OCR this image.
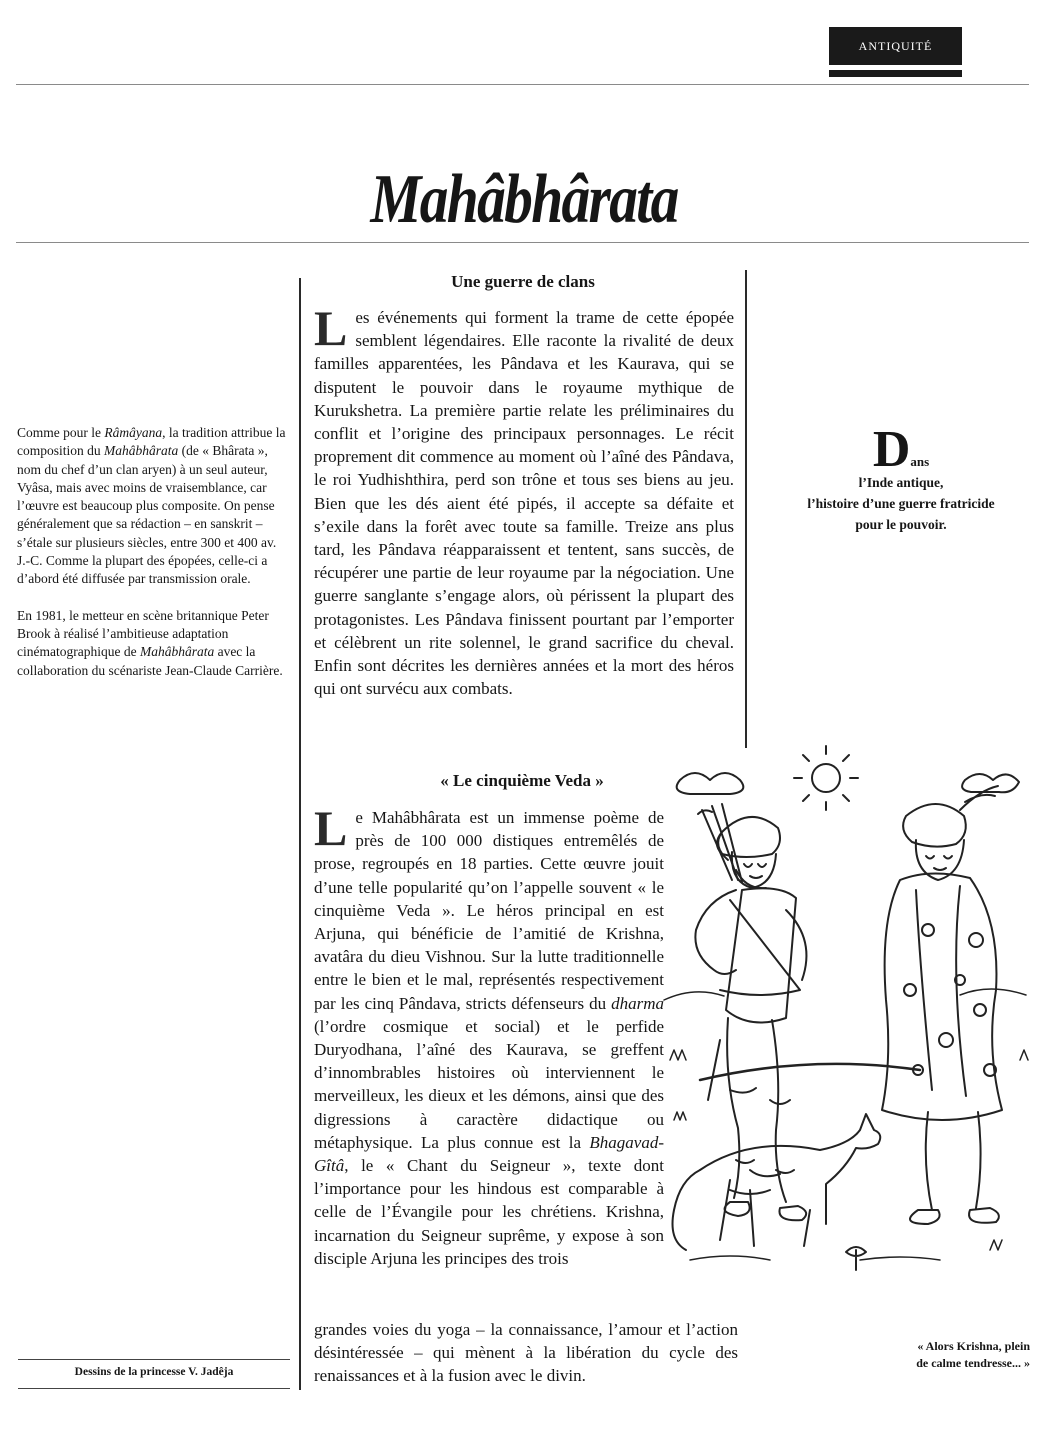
ANTIQUITÉ
Mahâbhârata

Comme pour le Râmâyana, la tradition attribue la composition du Mahâbhârata (de « Bhârata », nom du chef d’un clan aryen) à un seul auteur, Vyâsa, mais avec moins de vraisemblance, car l’œuvre est beaucoup plus composite. On pense généralement que sa rédaction – en sanskrit – s’étale sur plusieurs siècles, entre 300 et 400 av. J.-C. Comme la plupart des épopées, celle-ci a d’abord été diffusée par transmission orale.

En 1981, le metteur en scène britannique Peter Brook à réalisé l’ambitieuse adaptation cinématographique de Mahâbhârata avec la collaboration du scénariste Jean-Claude Carrière.

Une guerre de clans

Les événements qui forment la trame de cette épopée semblent légendaires. Elle raconte la rivalité de deux familles apparentées, les Pândava et les Kaurava, qui se disputent le pouvoir dans le royaume mythique de Kurukshetra. La première partie relate les préliminaires du conflit et l’origine des principaux personnages. Le récit proprement dit commence au moment où l’aîné des Pândava, le roi Yudhishthira, perd son trône et tous ses biens au jeu. Bien que les dés aient été pipés, il accepte sa défaite et s’exile dans la forêt avec toute sa famille. Treize ans plus tard, les Pândava réapparaissent et tentent, sans succès, de récupérer une partie de leur royaume par la négociation. Une guerre sanglante s’engage alors, où périssent la plupart des protagonistes. Les Pândava finissent pourtant par l’emporter et célèbrent un rite solennel, le grand sacrifice du cheval. Enfin sont décrites les dernières années et la mort des héros qui ont survécu aux combats.

« Le cinquième Veda »

Le Mahâbhârata est un immense poème de près de 100 000 distiques entremêlés de prose, regroupés en 18 parties. Cette œuvre jouit d’une telle popularité qu’on l’appelle souvent « le cinquième Veda ». Le héros principal en est Arjuna, qui bénéficie de l’amitié de Krishna, avatâra du dieu Vishnou. Sur la lutte traditionnelle entre le bien et le mal, représentés respectivement par les cinq Pândava, stricts défenseurs du dharma (l’ordre cosmique et social) et le perfide Duryodhana, l’aîné des Kaurava, se greffent d’innombrables histoires où interviennent le merveilleux, les dieux et les démons, ainsi que des digressions à caractère didactique ou métaphysique. La plus connue est la Bhagavad-Gîtâ, le « Chant du Seigneur », texte dont l’importance pour les hindous est comparable à celle de l’Évangile pour les chrétiens. Krishna, incarnation du Seigneur suprême, y expose à son disciple Arjuna les principes des trois

grandes voies du yoga – la connaissance, l’amour et l’action désintéressée – qui mènent à la libération du cycle des renaissances et à la fusion avec le divin.

Dans
l’Inde antique,
l’histoire d’une guerre fratricide
pour le pouvoir.
« Alors Krishna, plein
de calme tendresse... »
Dessins de la princesse V. Jadêja
